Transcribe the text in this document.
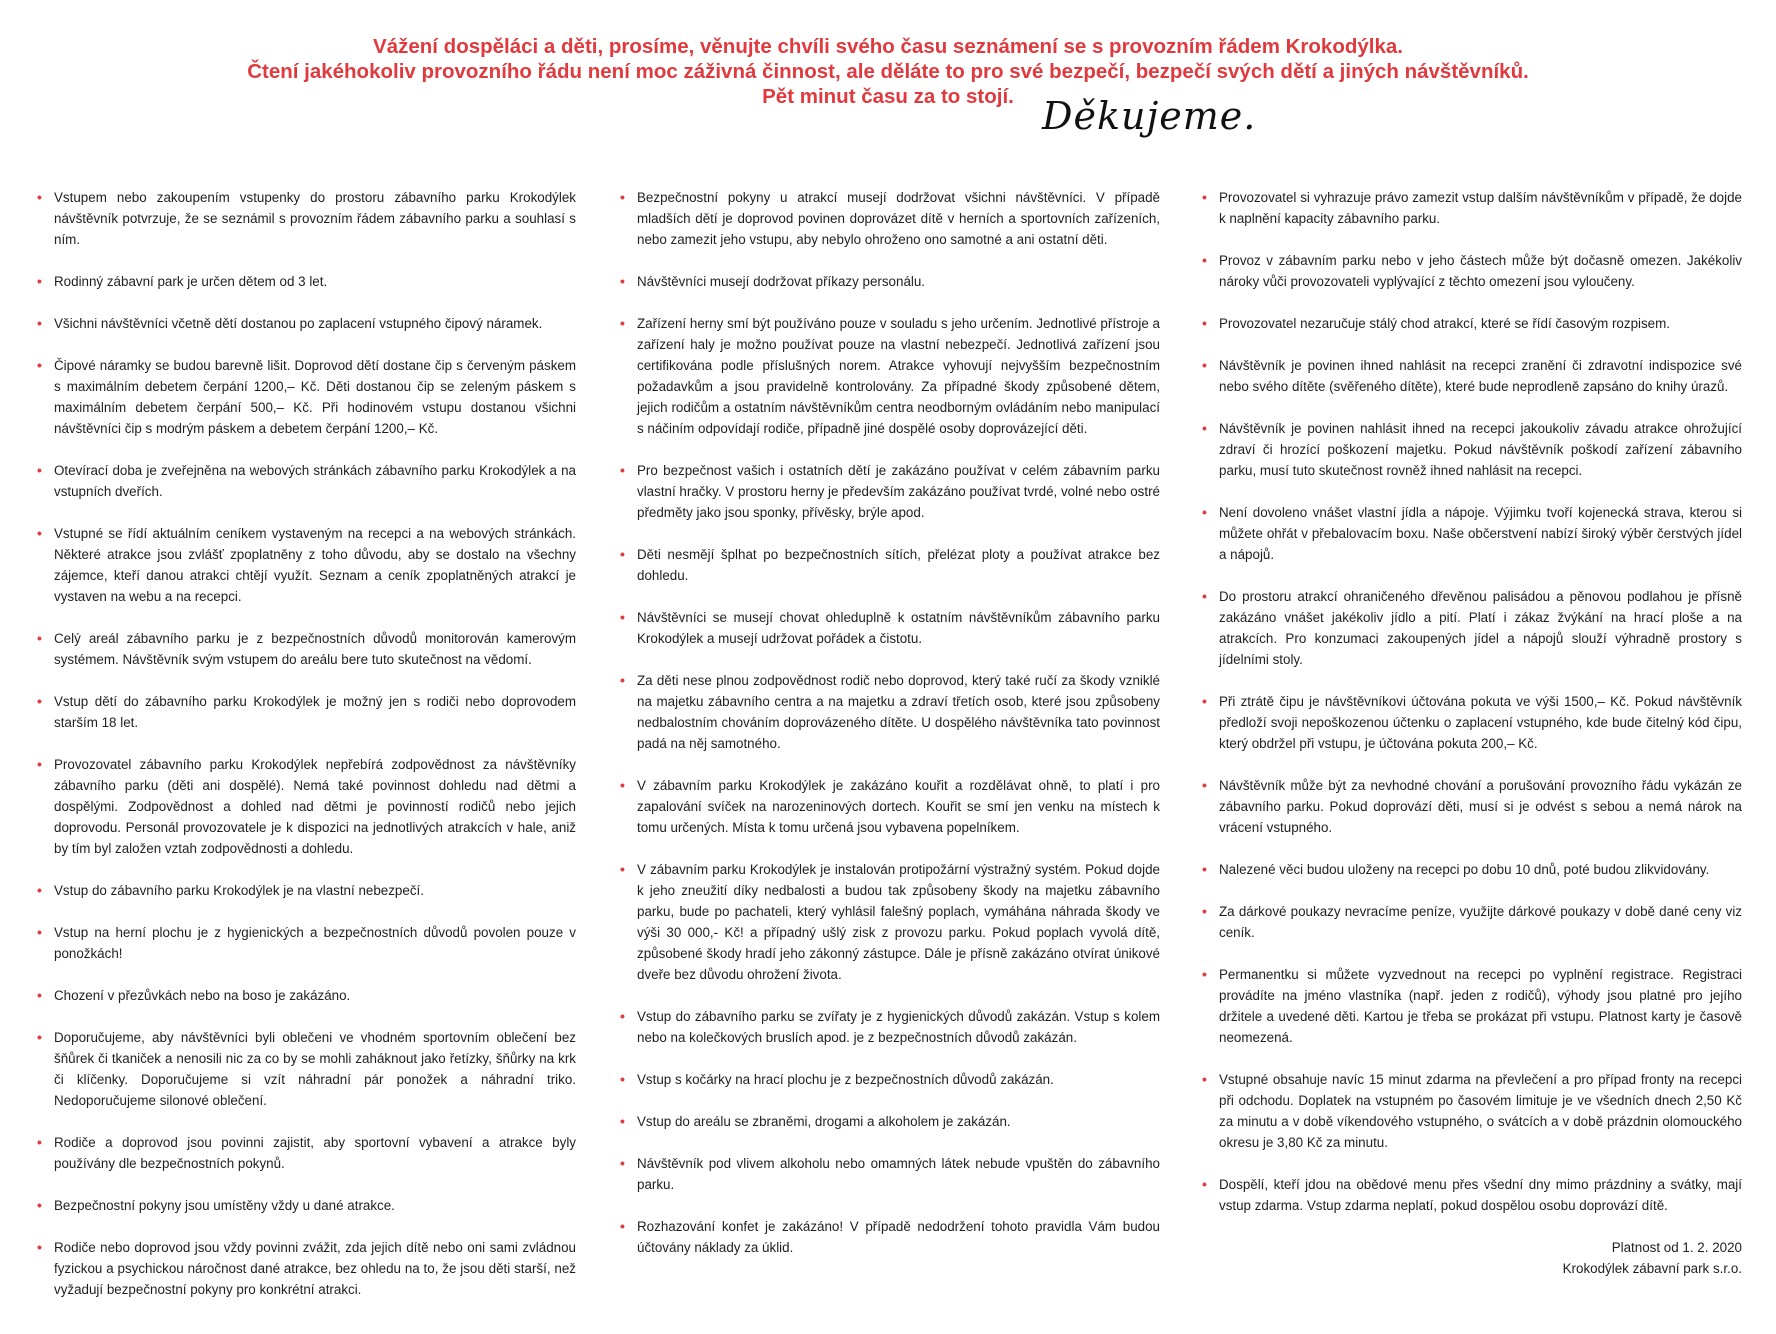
Vážení dospěláci a děti, prosíme, věnujte chvíli svého času seznámení se s provozním řádem Krokodýlka.
Čtení jakéhokoliv provozního řádu není moc záživná činnost, ale děláte to pro své bezpečí, bezpečí svých dětí a jiných návštěvníků.
Pět minut času za to stojí. Děkujeme.
• Vstupem nebo zakoupením vstupenky do prostoru zábavního parku Krokodýlek návštěvník potvrzuje, že se seznámil s provozním řádem zábavního parku a souhlasí s ním.
• Rodinný zábavní park je určen dětem od 3 let.
• Všichni návštěvníci včetně dětí dostanou po zaplacení vstupného čipový náramek.
• Čipové náramky se budou barevně lišit. Doprovod dětí dostane čip s červeným páskem s maximálním debetem čerpání 1200,– Kč. Děti dostanou čip se zeleným páskem s maximálním debetem čerpání 500,– Kč. Při hodinovém vstupu dostanou všichni návštěvníci čip s modrým páskem a debetem čerpání 1200,– Kč.
• Otevírací doba je zveřejněna na webových stránkách zábavního parku Krokodýlek a na vstupních dveřích.
• Vstupné se řídí aktuálním ceníkem vystaveným na recepci a na webových stránkách. Některé atrakce jsou zvlášť zpoplatněny z toho důvodu, aby se dostalo na všechny zájemce, kteří danou atrakci chtějí využít. Seznam a ceník zpoplatněných atrakcí je vystaven na webu a na recepci.
• Celý areál zábavního parku je z bezpečnostních důvodů monitorován kamerovým systémem. Návštěvník svým vstupem do areálu bere tuto skutečnost na vědomí.
• Vstup dětí do zábavního parku Krokodýlek je možný jen s rodiči nebo doprovodem starším 18 let.
• Provozovatel zábavního parku Krokodýlek nepřebírá zodpovědnost za návštěvníky zábavního parku (děti ani dospělé). Nemá také povinnost dohledu nad dětmi a dospělými. Zodpovědnost a dohled nad dětmi je povinností rodičů nebo jejich doprovodu. Personál provozovatele je k dispozici na jednotlivých atrakcích v hale, aniž by tím byl založen vztah zodpovědnosti a dohledu.
• Vstup do zábavního parku Krokodýlek je na vlastní nebezpečí.
• Vstup na herní plochu je z hygienických a bezpečnostních důvodů povolen pouze v ponožkách!
• Chození v přezůvkách nebo na boso je zakázáno.
• Doporučujeme, aby návštěvníci byli oblečeni ve vhodném sportovním oblečení bez šňůrek či tkaniček a nenosili nic za co by se mohli zaháknout jako řetízky, šňůrky na krk či klíčenky. Doporučujeme si vzít náhradní pár ponožek a náhradní triko. Nedoporučujeme silonové oblečení.
• Rodiče a doprovod jsou povinni zajistit, aby sportovní vybavení a atrakce byly používány dle bezpečnostních pokynů.
• Bezpečnostní pokyny jsou umístěny vždy u dané atrakce.
• Rodiče nebo doprovod jsou vždy povinni zvážit, zda jejich dítě nebo oni sami zvládnou fyzickou a psychickou náročnost dané atrakce, bez ohledu na to, že jsou děti starší, než vyžadují bezpečnostní pokyny pro konkrétní atrakci.
• Bezpečnostní pokyny u atrakcí musejí dodržovat všichni návštěvníci. V případě mladších dětí je doprovod povinen doprovázet dítě v herních a sportovních zařízeních, nebo zamezit jeho vstupu, aby nebylo ohroženo ono samotné a ani ostatní děti.
• Návštěvníci musejí dodržovat příkazy personálu.
• Zařízení herny smí být používáno pouze v souladu s jeho určením. Jednotlivé přístroje a zařízení haly je možno používat pouze na vlastní nebezpečí. Jednotlivá zařízení jsou certifikována podle příslušných norem. Atrakce vyhovují nejvyšším bezpečnostním požadavkům a jsou pravidelně kontrolovány. Za případné škody způsobené dětem, jejich rodičům a ostatním návštěvníkům centra neodborným ovládáním nebo manipulací s náčiním odpovídají rodiče, případně jiné dospělé osoby doprovázející děti.
• Pro bezpečnost vašich i ostatních dětí je zakázáno používat v celém zábavním parku vlastní hračky. V prostoru herny je především zakázáno používat tvrdé, volné nebo ostré předměty jako jsou sponky, přívěsky, brýle apod.
• Děti nesmějí šplhat po bezpečnostních sítích, přelézat ploty a používat atrakce bez dohledu.
• Návštěvníci se musejí chovat ohleduplně k ostatním návštěvníkům zábavního parku Krokodýlek a musejí udržovat pořádek a čistotu.
• Za děti nese plnou zodpovědnost rodič nebo doprovod, který také ručí za škody vzniklé na majetku zábavního centra a na majetku a zdraví třetích osob, které jsou způsobeny nedbalostním chováním doprovázeného dítěte. U dospělého návštěvníka tato povinnost padá na něj samotného.
• V zábavním parku Krokodýlek je zakázáno kouřit a rozdělávat ohně, to platí i pro zapalování svíček na narozeninových dortech. Kouřit se smí jen venku na místech k tomu určených. Místa k tomu určená jsou vybavena popelníkem.
• V zábavním parku Krokodýlek je instalován protipožární výstražný systém. Pokud dojde k jeho zneužití díky nedbalosti a budou tak způsobeny škody na majetku zábavního parku, bude po pachateli, který vyhlásil falešný poplach, vymáhána náhrada škody ve výši 30 000,- Kč! a případný ušlý zisk z provozu parku. Pokud poplach vyvolá dítě, způsobené škody hradí jeho zákonný zástupce. Dále je přísně zakázáno otvírat únikové dveře bez důvodu ohrožení života.
• Vstup do zábavního parku se zvířaty je z hygienických důvodů zakázán. Vstup s kolem nebo na kolečkových bruslích apod. je z bezpečnostních důvodů zakázán.
• Vstup s kočárky na hrací plochu je z bezpečnostních důvodů zakázán.
• Vstup do areálu se zbraněmi, drogami a alkoholem je zakázán.
• Návštěvník pod vlivem alkoholu nebo omamných látek nebude vpuštěn do zábavního parku.
• Rozhazování konfet je zakázáno! V případě nedodržení tohoto pravidla Vám budou účtovány náklady za úklid.
• Provozovatel si vyhrazuje právo zamezit vstup dalším návštěvníkům v případě, že dojde k naplnění kapacity zábavního parku.
• Provoz v zábavním parku nebo v jeho částech může být dočasně omezen. Jakékoliv nároky vůči provozovateli vyplývající z těchto omezení jsou vyloučeny.
• Provozovatel nezaručuje stálý chod atrakcí, které se řídí časovým rozpisem.
• Návštěvník je povinen ihned nahlásit na recepci zranění či zdravotní indispozice své nebo svého dítěte (svěřeného dítěte), které bude neprodleně zapsáno do knihy úrazů.
• Návštěvník je povinen nahlásit ihned na recepci jakoukoliv závadu atrakce ohrožující zdraví či hrozící poškození majetku. Pokud návštěvník poškodí zařízení zábavního parku, musí tuto skutečnost rovněž ihned nahlásit na recepci.
• Není dovoleno vnášet vlastní jídla a nápoje. Výjimku tvoří kojenecká strava, kterou si můžete ohřát v přebalovacím boxu. Naše občerstvení nabízí široký výběr čerstvých jídel a nápojů.
• Do prostoru atrakcí ohraničeného dřevěnou palisádou a pěnovou podlahou je přísně zakázáno vnášet jakékoliv jídlo a pití. Platí i zákaz žvýkání na hrací ploše a na atrakcích. Pro konzumaci zakoupených jídel a nápojů slouží výhradně prostory s jídelními stoly.
• Při ztrátě čipu je návštěvníkovi účtována pokuta ve výši 1500,– Kč. Pokud návštěvník předloží svoji nepoškozenou účtenku o zaplacení vstupného, kde bude čitelný kód čipu, který obdržel při vstupu, je účtována pokuta 200,– Kč.
• Návštěvník může být za nevhodné chování a porušování provozního řádu vykázán ze zábavního parku. Pokud doprovází děti, musí si je odvést s sebou a nemá nárok na vrácení vstupného.
• Nalezené věci budou uloženy na recepci po dobu 10 dnů, poté budou zlikvidovány.
• Za dárkové poukazy nevracíme peníze, využijte dárkové poukazy v době dané ceny viz ceník.
• Permanentku si můžete vyzvednout na recepci po vyplnění registrace. Registraci provádíte na jméno vlastníka (např. jeden z rodičů), výhody jsou platné pro jejího držitele a uvedené děti. Kartou je třeba se prokázat při vstupu. Platnost karty je časově neomezená.
• Vstupné obsahuje navíc 15 minut zdarma na převlečení a pro případ fronty na recepci při odchodu. Doplatek na vstupném po časovém limituje je ve všedních dnech 2,50 Kč za minutu a v době víkendového vstupného, o svátcích a v době prázdnin olomouckého okresu je 3,80 Kč za minutu.
• Dospělí, kteří jdou na obědové menu přes všední dny mimo prázdniny a svátky, mají vstup zdarma. Vstup zdarma neplatí, pokud dospělou osobu doprovází dítě.
Platnost od 1. 2. 2020
Krokodýlek zábavní park s.r.o.
